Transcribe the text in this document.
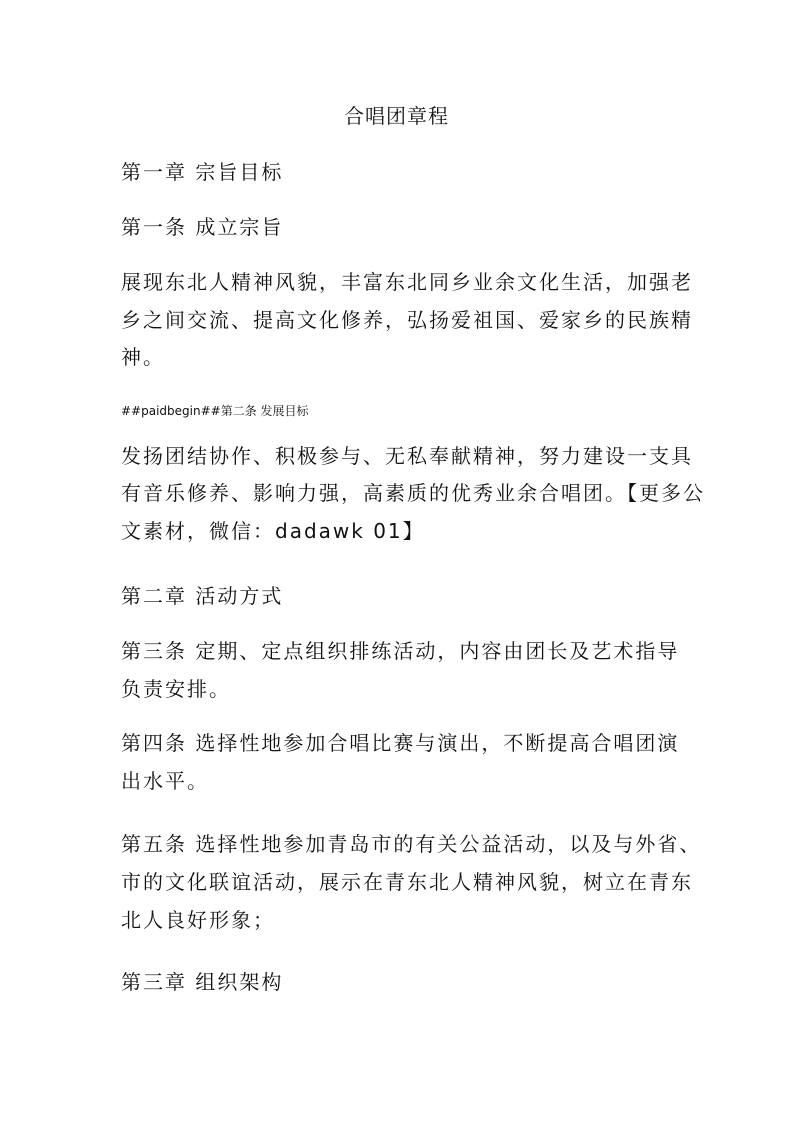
合唱团章程
第一章 宗旨目标
第一条 成立宗旨
展现东北人精神风貌，丰富东北同乡业余文化生活，加强老
乡之间交流、提高文化修养，弘扬爱祖国、爱家乡的民族精
神。
##paidbegin##第二条 发展目标
发扬团结协作、积极参与、无私奉献精神，努力建设一支具
有音乐修养、影响力强，高素质的优秀业余合唱团。【更多公
文素材，微信：dadawk 01】
第二章 活动方式
第三条 定期、定点组织排练活动，内容由团长及艺术指导
负责安排。
第四条 选择性地参加合唱比赛与演出，不断提高合唱团演
出水平。
第五条 选择性地参加青岛市的有关公益活动，以及与外省、
市的文化联谊活动，展示在青东北人精神风貌，树立在青东
北人良好形象；
第三章 组织架构
